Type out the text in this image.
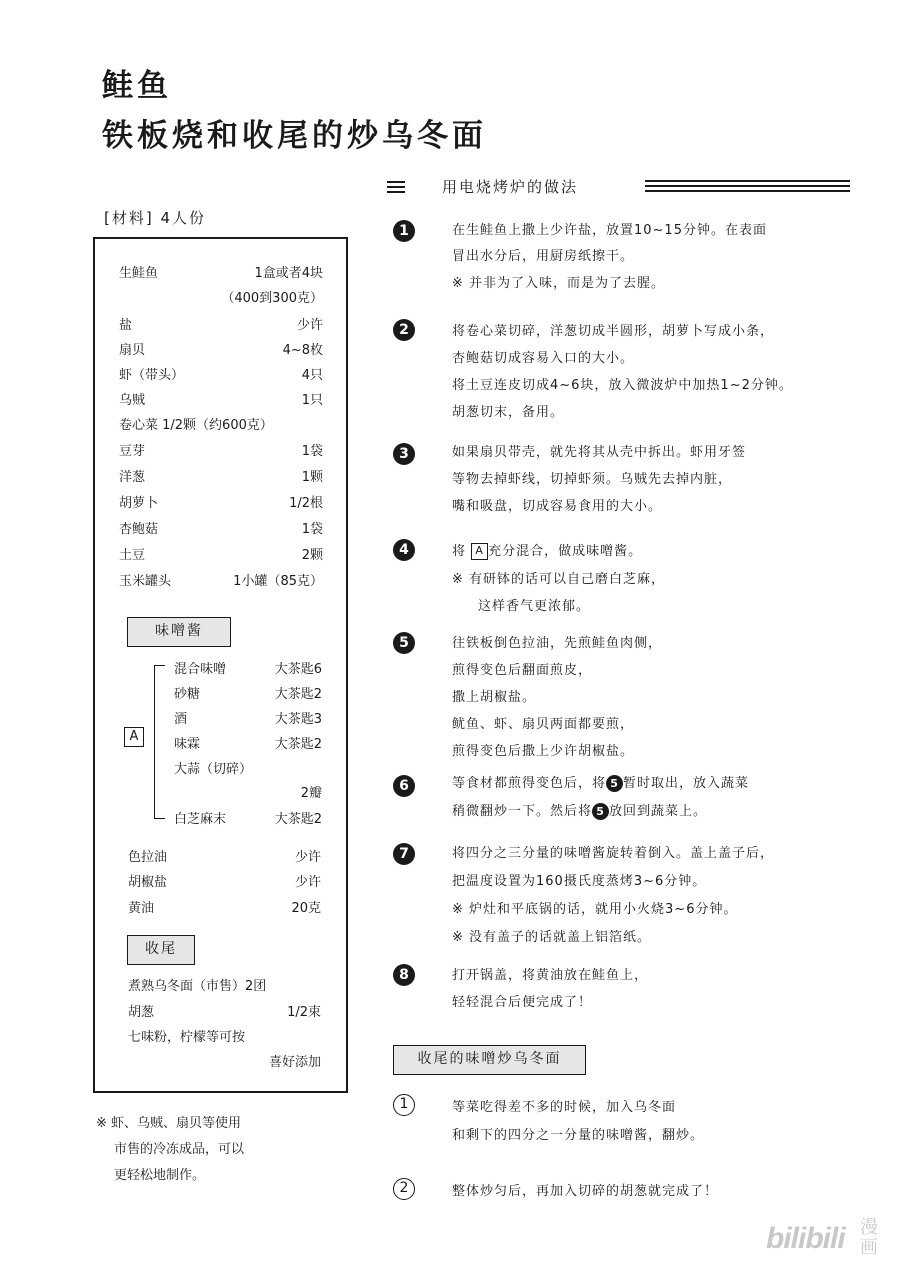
鲑鱼
铁板烧和收尾的炒乌冬面
用电烧烤炉的做法
[材料] 4人份
生鲑鱼	1盒或者4块
（400到300克）
盐	少许
扇贝	4~8枚
虾（带头）	4只
乌贼	1只
卷心菜 1/2颗（约600克）
豆芽	1袋
洋葱	1颗
胡萝卜	1/2根
杏鲍菇	1袋
土豆	2颗
玉米罐头	1小罐（85克）
味噌酱
A
混合味噌	大茶匙6
砂糖	大茶匙2
酒	大茶匙3
味霖	大茶匙2
大蒜（切碎）
2瓣
白芝麻末	大茶匙2
色拉油	少许
胡椒盐	少许
黄油	20克
收尾
煮熟乌冬面（市售）2团
胡葱	1/2束
七味粉，柠檬等可按
喜好添加
※ 虾、乌贼、扇贝等使用
市售的冷冻成品，可以
更轻松地制作。
1	在生鲑鱼上撒上少许盐，放置10~15分钟。在表面
冒出水分后，用厨房纸擦干。
※ 并非为了入味，而是为了去腥。
2	将卷心菜切碎，洋葱切成半圆形，胡萝卜写成小条，
杏鲍菇切成容易入口的大小。
将土豆连皮切成4~6块，放入微波炉中加热1~2分钟。
胡葱切末，备用。
3	如果扇贝带壳，就先将其从壳中拆出。虾用牙签
等物去掉虾线，切掉虾须。乌贼先去掉内脏，
嘴和吸盘，切成容易食用的大小。
4	将 A 充分混合，做成味噌酱。
※ 有研钵的话可以自己磨白芝麻，
这样香气更浓郁。
5	往铁板倒色拉油，先煎鲑鱼肉侧，
煎得变色后翻面煎皮，
撒上胡椒盐。
鱿鱼、虾、扇贝两面都要煎，
煎得变色后撒上少许胡椒盐。
6	等食材都煎得变色后，将 5 暂时取出，放入蔬菜
稍微翻炒一下。然后将 5 放回到蔬菜上。
7	将四分之三分量的味噌酱旋转着倒入。盖上盖子后，
把温度设置为160摄氏度蒸烤3~6分钟。
※ 炉灶和平底锅的话，就用小火烧3~6分钟。
※ 没有盖子的话就盖上铝箔纸。
8	打开锅盖，将黄油放在鲑鱼上，
轻轻混合后便完成了！
收尾的味噌炒乌冬面
1	等菜吃得差不多的时候，加入乌冬面
和剩下的四分之一分量的味噌酱，翻炒。
2	整体炒匀后，再加入切碎的胡葱就完成了！
bilibili 漫画
